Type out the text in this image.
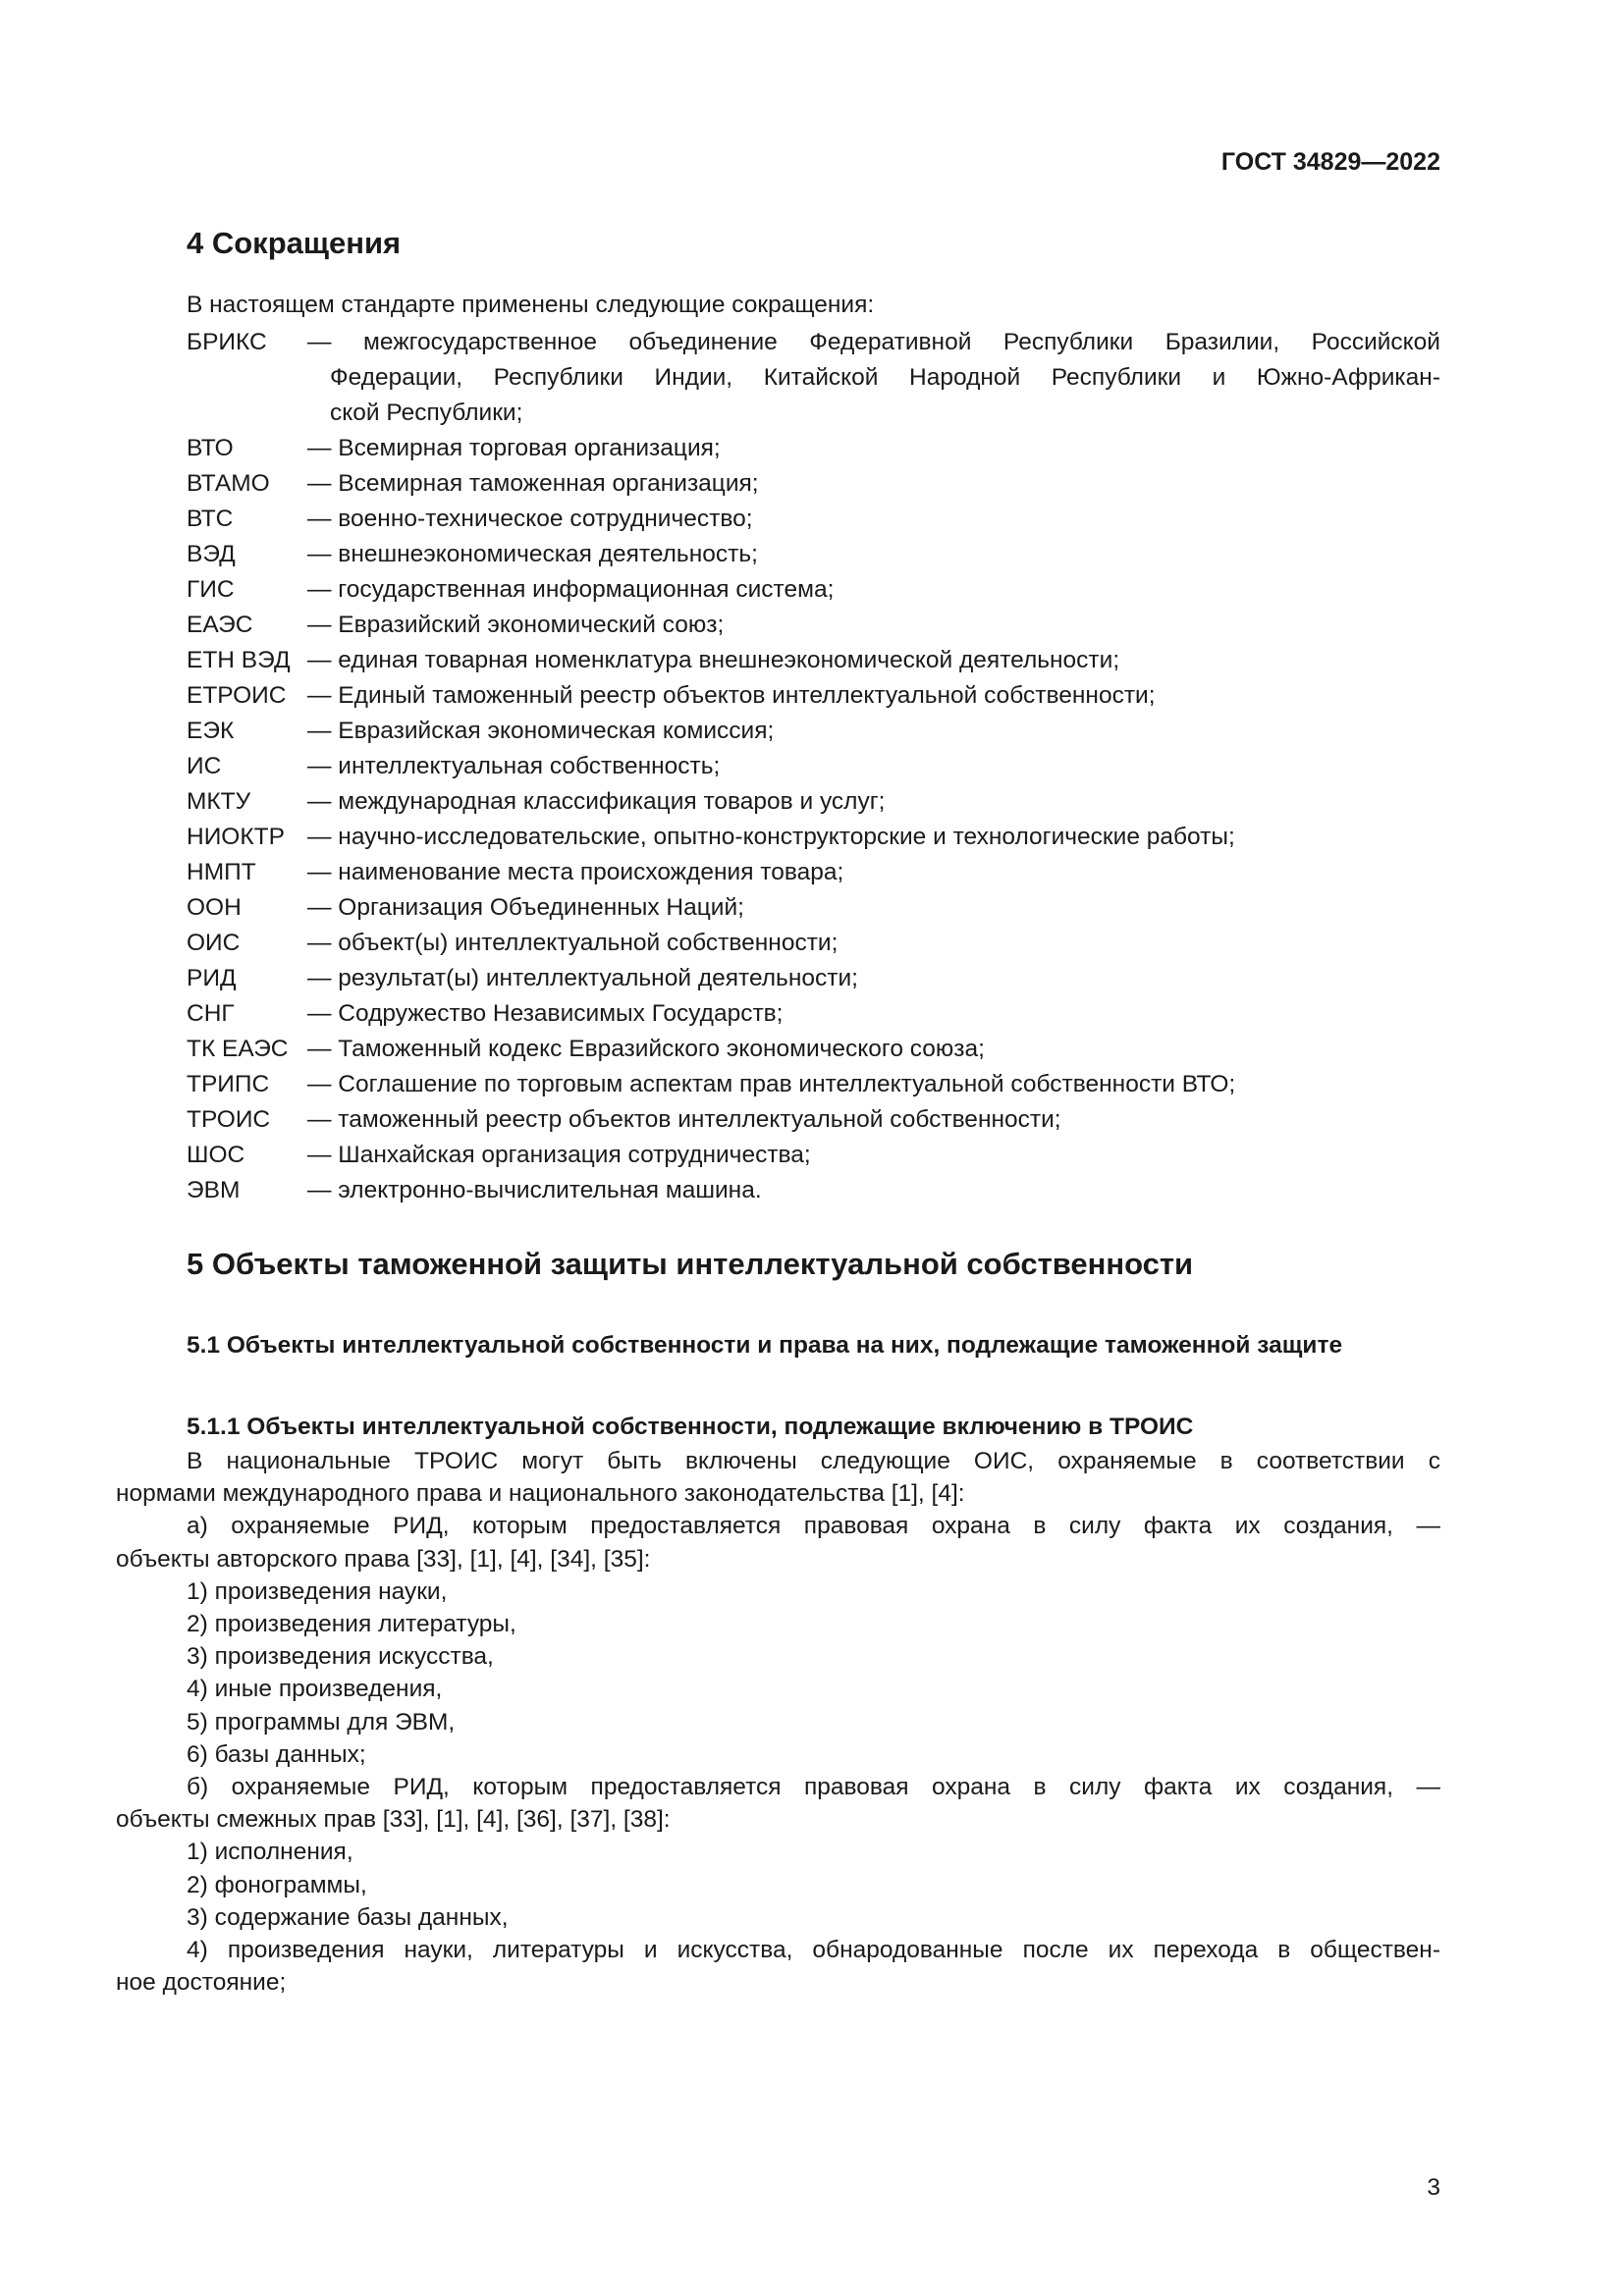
ГОСТ 34829—2022
4 Сокращения
В настоящем стандарте применены следующие сокращения:
БРИКС	— межгосударственное объединение Федеративной Республики Бразилии, Российской
Федерации, Республики Индии, Китайской Народной Республики и Южно-Африкан-
ской Республики;
ВТО	— Всемирная торговая организация;
ВТАМО	— Всемирная таможенная организация;
ВТС	— военно-техническое сотрудничество;
ВЭД	— внешнеэкономическая деятельность;
ГИС	— государственная информационная система;
ЕАЭС	— Евразийский экономический союз;
ЕТН ВЭД — единая товарная номенклатура внешнеэкономической деятельности;
ЕТРОИС — Единый таможенный реестр объектов интеллектуальной собственности;
ЕЭК	— Евразийская экономическая комиссия;
ИС	— интеллектуальная собственность;
МКТУ	— международная классификация товаров и услуг;
НИОКТР — научно-исследовательские, опытно-конструкторские и технологические работы;
НМПТ	— наименование места происхождения товара;
ООН	— Организация Объединенных Наций;
ОИС	— объект(ы) интеллектуальной собственности;
РИД	— результат(ы) интеллектуальной деятельности;
СНГ	— Содружество Независимых Государств;
ТК ЕАЭС — Таможенный кодекс Евразийского экономического союза;
ТРИПС	— Соглашение по торговым аспектам прав интеллектуальной собственности ВТО;
ТРОИС	— таможенный реестр объектов интеллектуальной собственности;
ШОС	— Шанхайская организация сотрудничества;
ЭВМ	— электронно-вычислительная машина.
5 Объекты таможенной защиты интеллектуальной собственности
5.1 Объекты интеллектуальной собственности и права на них, подлежащие таможенной защите
5.1.1 Объекты интеллектуальной собственности, подлежащие включению в ТРОИС
В национальные ТРОИС могут быть включены следующие ОИС, охраняемые в соответствии с
нормами международного права и национального законодательства [1], [4]:
а) охраняемые РИД, которым предоставляется правовая охрана в силу факта их создания, —
объекты авторского права [33], [1], [4], [34], [35]:
1) произведения науки,
2) произведения литературы,
3) произведения искусства,
4) иные произведения,
5) программы для ЭВМ,
6) базы данных;
б) охраняемые РИД, которым предоставляется правовая охрана в силу факта их создания, —
объекты смежных прав [33], [1], [4], [36], [37], [38]:
1) исполнения,
2) фонограммы,
3) содержание базы данных,
4) произведения науки, литературы и искусства, обнародованные после их перехода в обществен-
ное достояние;
3
